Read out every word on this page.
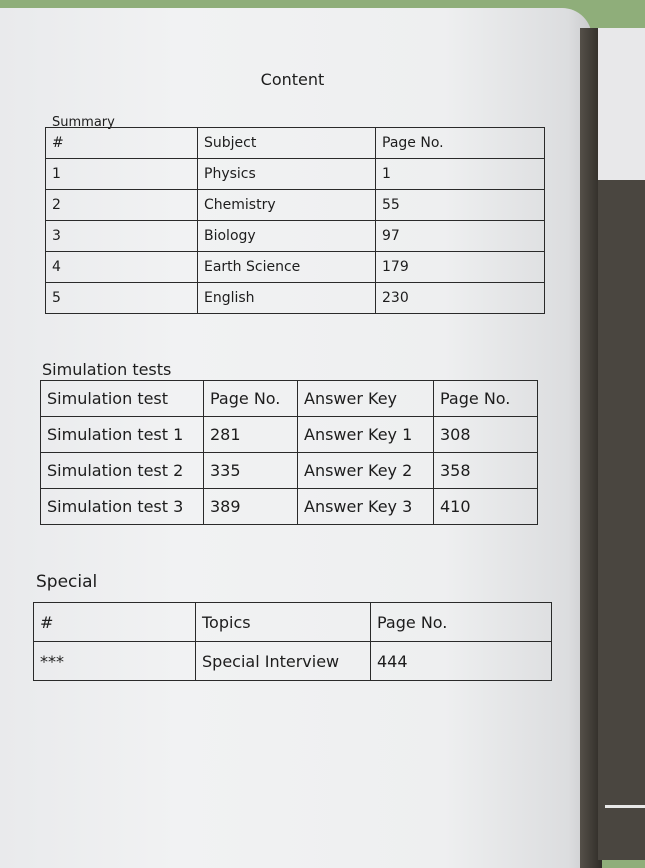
Content
Summary
#	Subject	Page No.
1	Physics	1
2	Chemistry	55
3	Biology	97
4	Earth Science	179
5	English	230
Simulation tests
Simulation test	Page No.	Answer Key	Page No.
Simulation test 1	281	Answer Key 1	308
Simulation test 2	335	Answer Key 2	358
Simulation test 3	389	Answer Key 3	410
Special
#	Topics	Page No.
***	Special Interview	444
